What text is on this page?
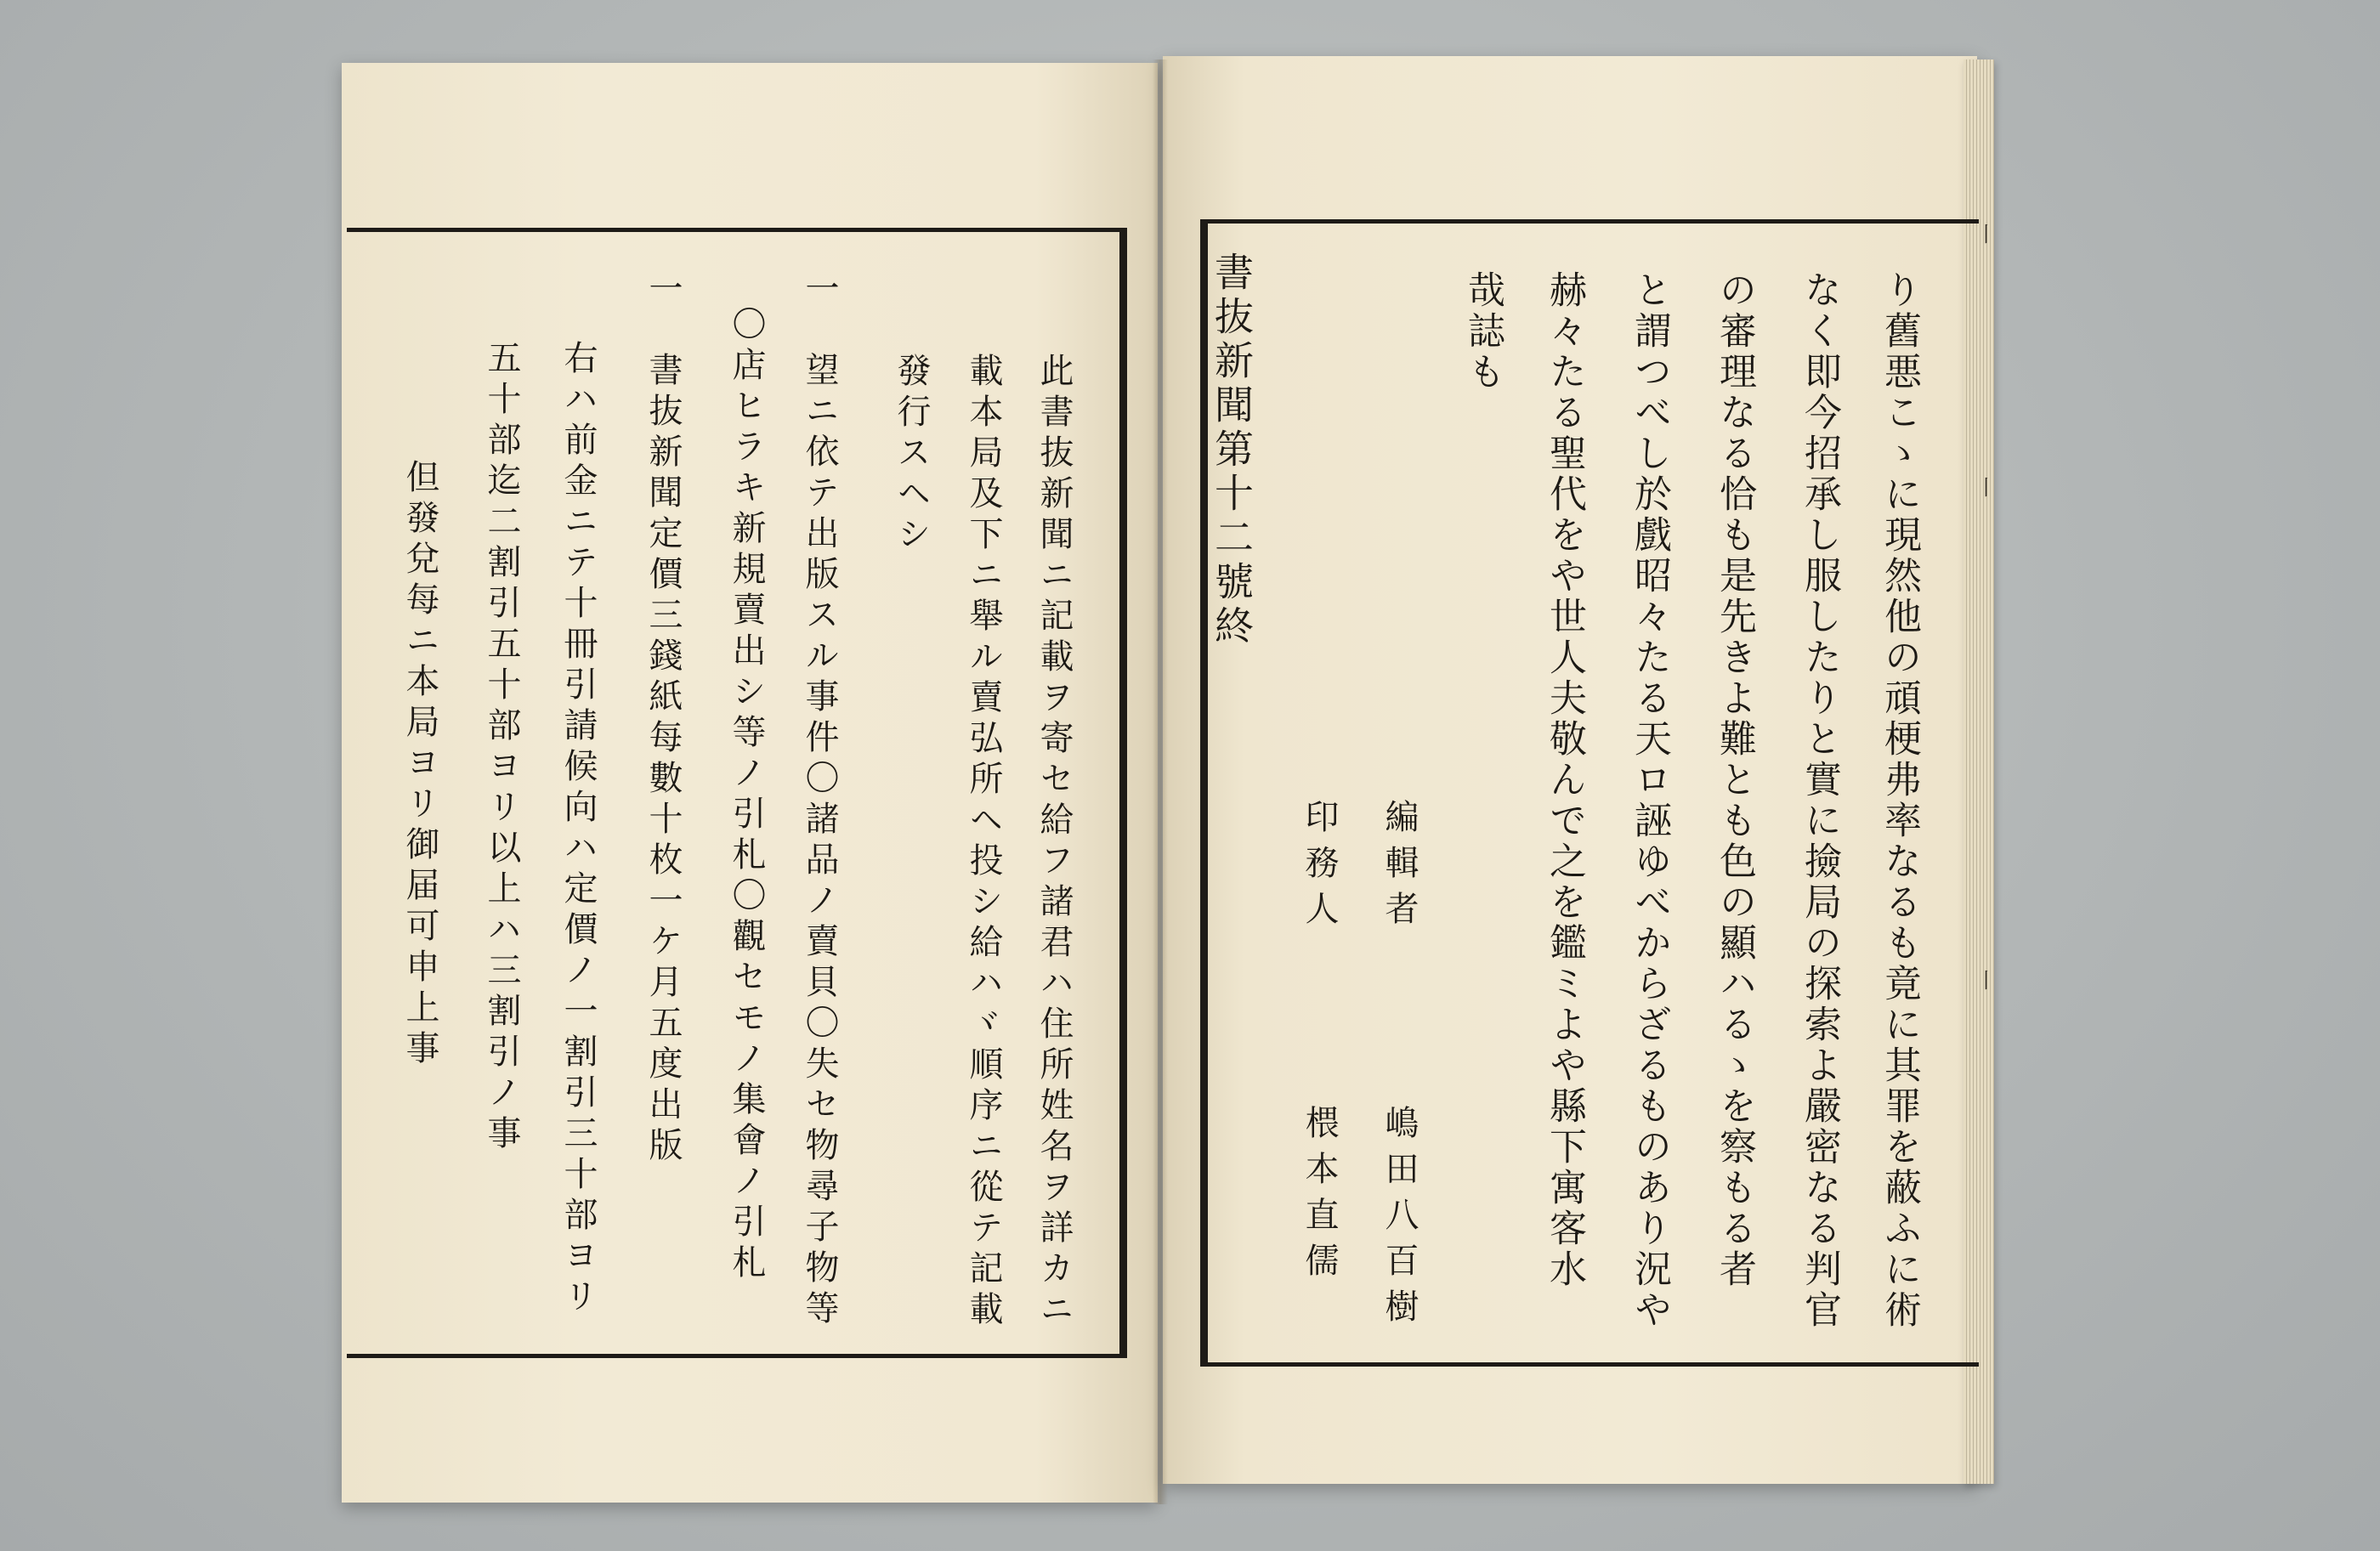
此書抜新聞ニ記載ヲ寄セ給フ諸君ハ住所姓名ヲ詳カニ
載本局及下ニ舉ル賣弘所ヘ投シ給ハヾ順序ニ從テ記載
發行スヘシ
一　望ニ依テ出版スル事件〇諸品ノ賣貝〇失セ物尋子物等
〇店ヒラキ新規賣出シ等ノ引札〇觀セモノ集會ノ引札
一　書抜新聞定價三錢紙每數十枚一ケ月五度出版
右ハ前金ニテ十冊引請候向ハ定價ノ一割引三十部ヨリ
五十部迄二割引五十部ヨリ以上ハ三割引ノ事
但發兌每ニ本局ヨリ御届可申上事	り舊悪こゝに現然他の頑梗弗率なるも竟に其罪を蔽ふに術
なく即今招承し服したりと實に撿局の探索よ嚴密なる判官
の審理なる恰も是先きよ難とも色の顯ハるゝを察もる者
と謂つべし於戲昭々たる天ロ誣ゆべからざるものあり況や
赫々たる聖代をや世人夫敬んで之を鑑ミよや縣下寓客水
哉誌も
編輯者
嶋田八百樹
印務人
椳本直儒
書抜新聞第十二號終
〡
〡
〡
